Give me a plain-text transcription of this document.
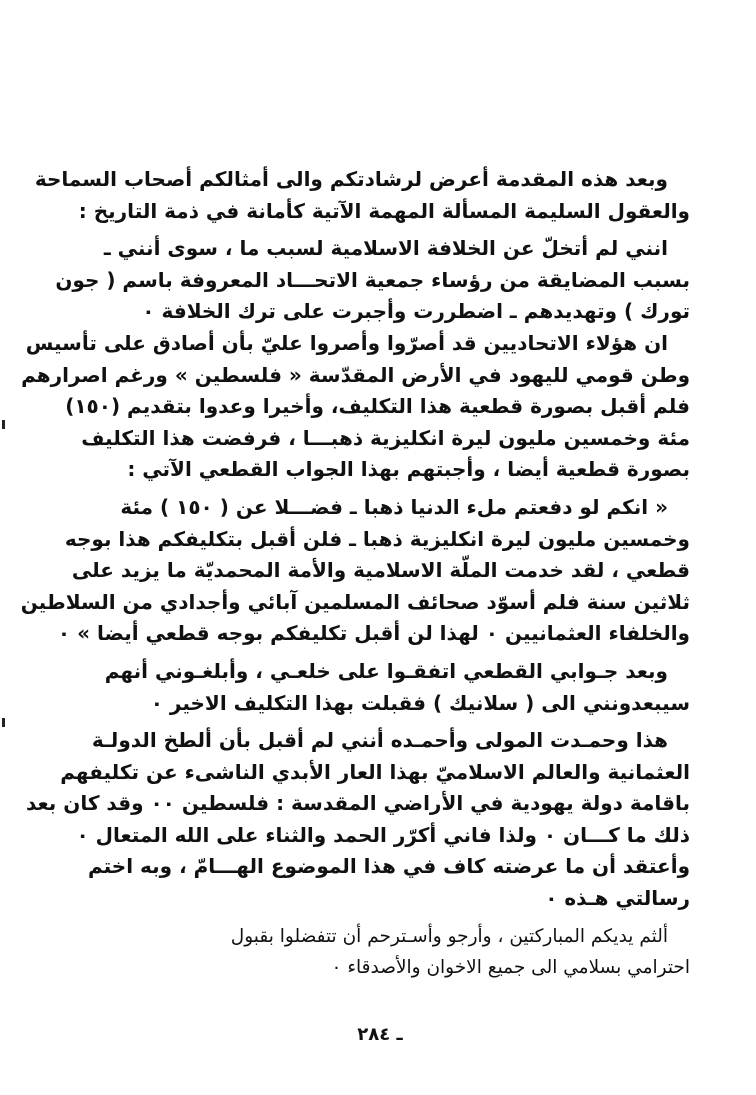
وبعد هذه المقدمة أعرض لرشادتكم والى أمثالكم أصحاب السماحة
والعقول السليمة المسألة المهمة الآتية كأمانة في ذمة التاريخ :

انني لم أتخلّ عن الخلافة الاسلامية لسبب ما ، سوى أنني ـ
بسبب المضايقة من رؤساء جمعية الاتحـــاد المعروفة باسم ( جون
تورك ) وتهديدهم ـ اضطررت وأجبرت على ترك الخلافة ٠
ان هؤلاء الاتحاديين قد أصرّوا وأصروا عليّ بأن أصادق على تأسيس
وطن قومي لليهود في الأرض المقدّسة « فلسطين » ورغم اصرارهم
فلم أقبل بصورة قطعية هذا التكليف، وأخيرا وعدوا بتقديم (١٥٠)
مئة وخمسين مليون ليرة انكليزية ذهبـــا ، فرفضت هذا التكليف
بصورة قطعية أيضا ، وأجبتهم بهذا الجواب القطعي الآتي :

« انكم لو دفعتم ملء الدنيا ذهبا ـ فضـــلا عن ( ١٥٠ ) مئة
وخمسين مليون ليرة انكليزية ذهبا ـ فلن أقبل بتكليفكم هذا بوجه
قطعي ، لقد خدمت الملّة الاسلامية والأمة المحمديّة ما يزيد على
ثلاثين سنة فلم أسوّد صحائف المسلمين آبائي وأجدادي من السلاطين
والخلفاء العثمانيين ٠ لهذا لن أقبل تكليفكم بوجه قطعي أيضا » ٠

وبعد جـوابي القطعي اتفقـوا على خلعـي ، وأبلغـوني أنهم
سيبعدونني الى ( سلانيك ) فقبلت بهذا التكليف الاخير ٠

هذا وحمـدت المولى وأحمـده أنني لم أقبل بأن ألطخ الدولـة
العثمانية والعالم الاسلاميّ بهذا العار الأبدي الناشىء عن تكليفهم
باقامة دولة يهودية في الأراضي المقدسة : فلسطين ٠٠ وقد كان بعد
ذلك ما كـــان ٠ ولذا فاني أكرّر الحمد والثناء على الله المتعال ٠
وأعتقد أن ما عرضته كاف في هذا الموضوع الهـــامّ ، وبه اختم
رسالتي هـذه ٠

ألثم يديكم المباركتين ، وأرجو وأسـترحم أن تتفضلوا بقبول
احترامي بسلامي الى جميع الاخوان والأصدقاء ٠

ـ ٢٨٤
